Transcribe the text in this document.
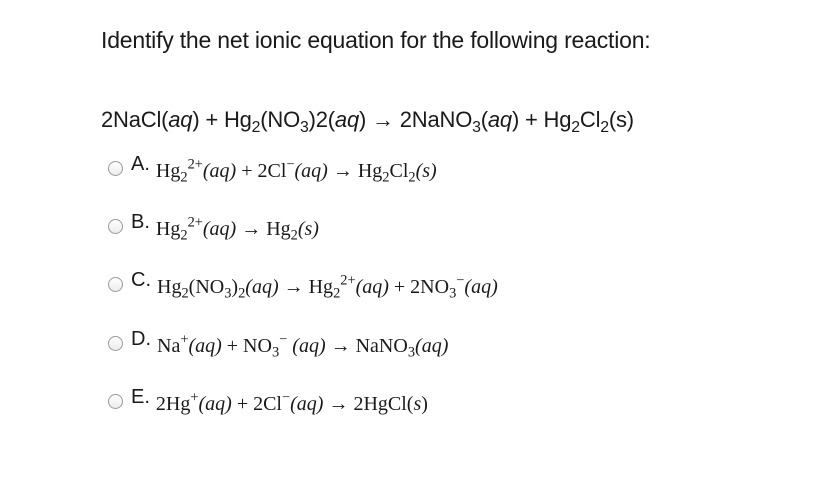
Identify the net ionic equation for the following reaction:
2NaCl(aq) + $Hg_2(NO_3)2(aq)$ → 2NaNO$_3$(aq) + $Hg_2Cl_2(s)$
A. $Hg_2^{2+}(aq) + 2Cl^-(aq) \to Hg_2Cl_2(s)$
B. $Hg_2^{2+}(aq) \to Hg_2(s)$
C. $Hg_2(NO_3)_2(aq) \to Hg_2^{2+}(aq) + 2NO_3^-(aq)$
D. $Na^+(aq) + NO_3^-$ (aq) → NaNO$_3$(aq)
E. 2Hg+(aq) + 2Cl−(aq) → 2HgCl(s)
